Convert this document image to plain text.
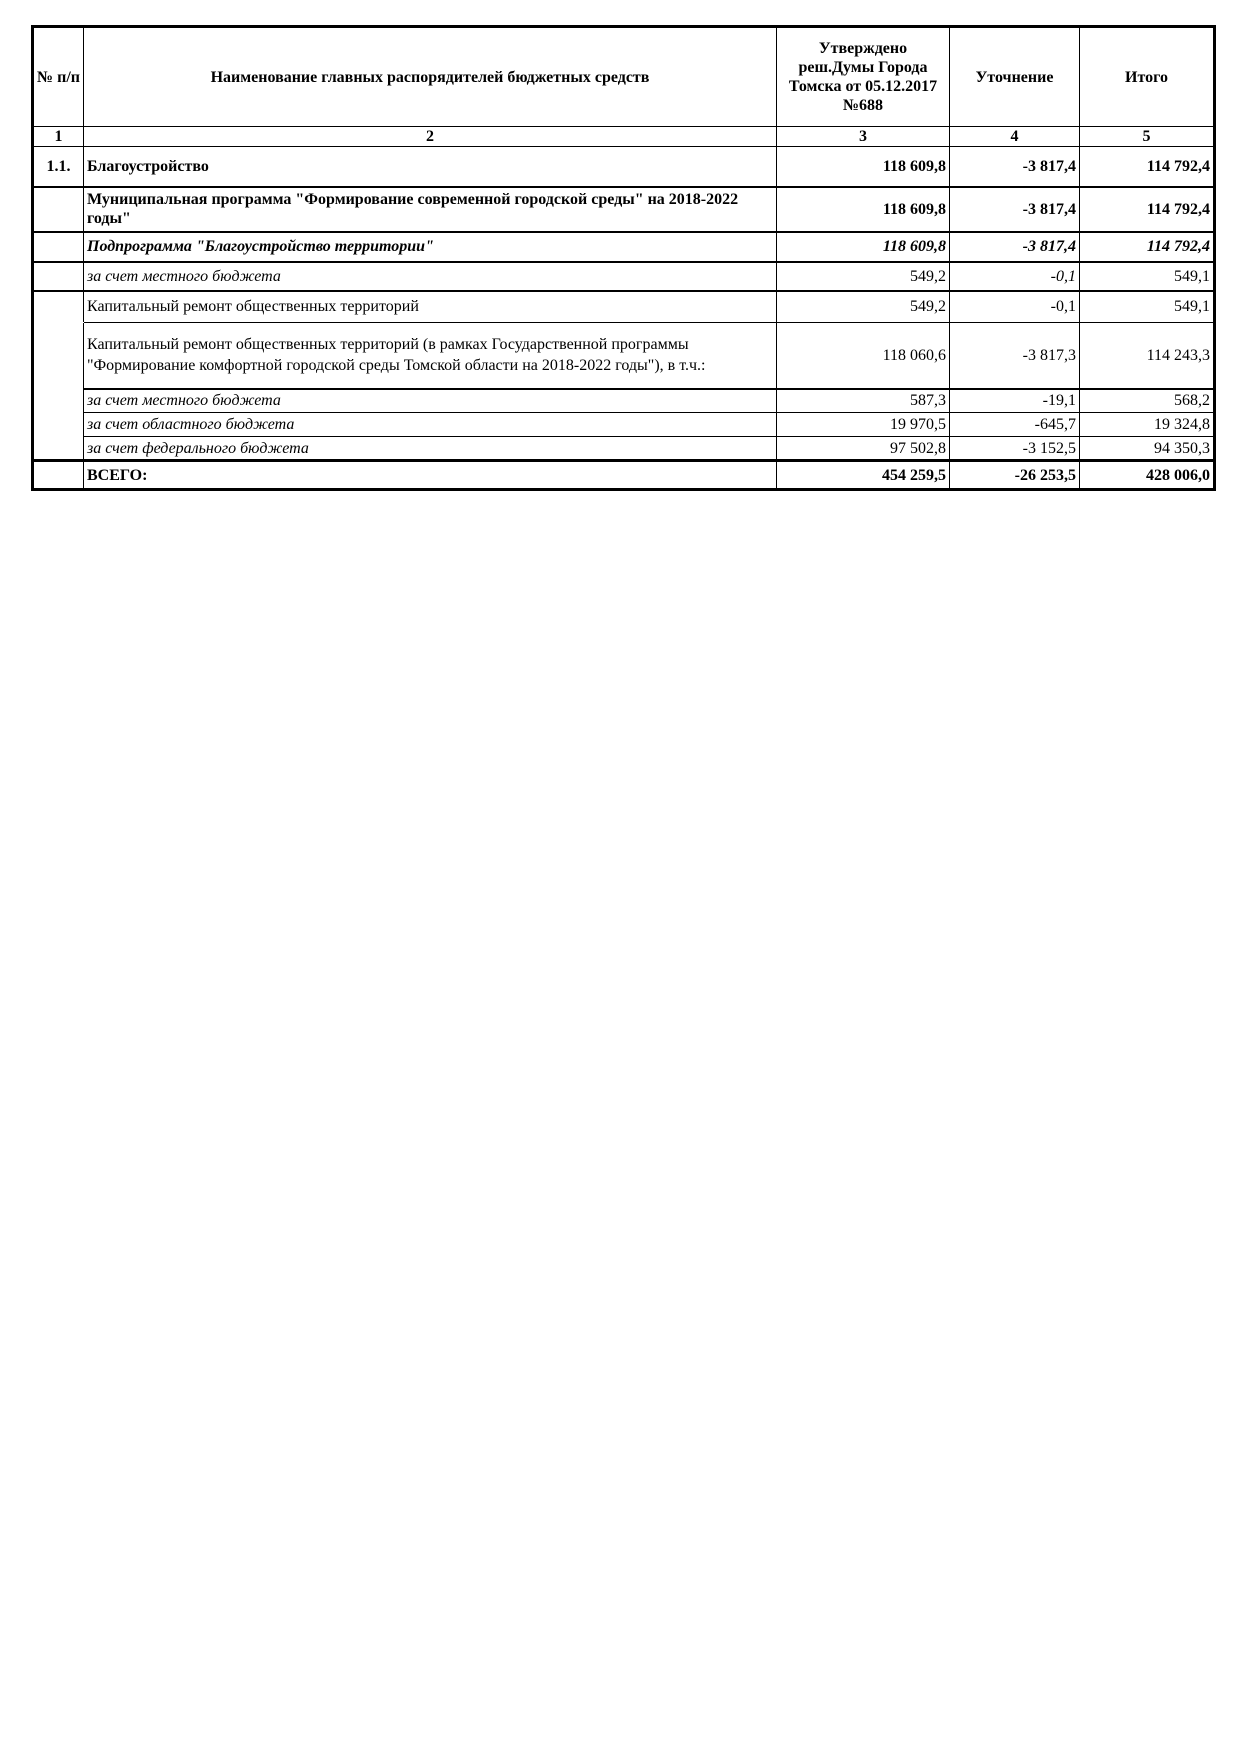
№ п/п	Наименование главных распорядителей бюджетных средств	Утверждено реш.Думы Города Томска от 05.12.2017 №688	Уточнение	Итого
1	2	3	4	5
1.1.	Благоустройство	118 609,8	-3 817,4	114 792,4
	Муниципальная программа "Формирование современной городской среды" на 2018-2022 годы"	118 609,8	-3 817,4	114 792,4
	Подпрограмма "Благоустройство территории"	118 609,8	-3 817,4	114 792,4
	за счет местного бюджета	549,2	-0,1	549,1
	Капитальный ремонт общественных территорий	549,2	-0,1	549,1
	Капитальный ремонт общественных территорий (в рамках Государственной программы "Формирование комфортной городской среды Томской области на 2018-2022 годы"), в т.ч.:	118 060,6	-3 817,3	114 243,3
	за счет местного бюджета	587,3	-19,1	568,2
	за счет областного бюджета	19 970,5	-645,7	19 324,8
	за счет федерального бюджета	97 502,8	-3 152,5	94 350,3
	ВСЕГО:	454 259,5	-26 253,5	428 006,0
